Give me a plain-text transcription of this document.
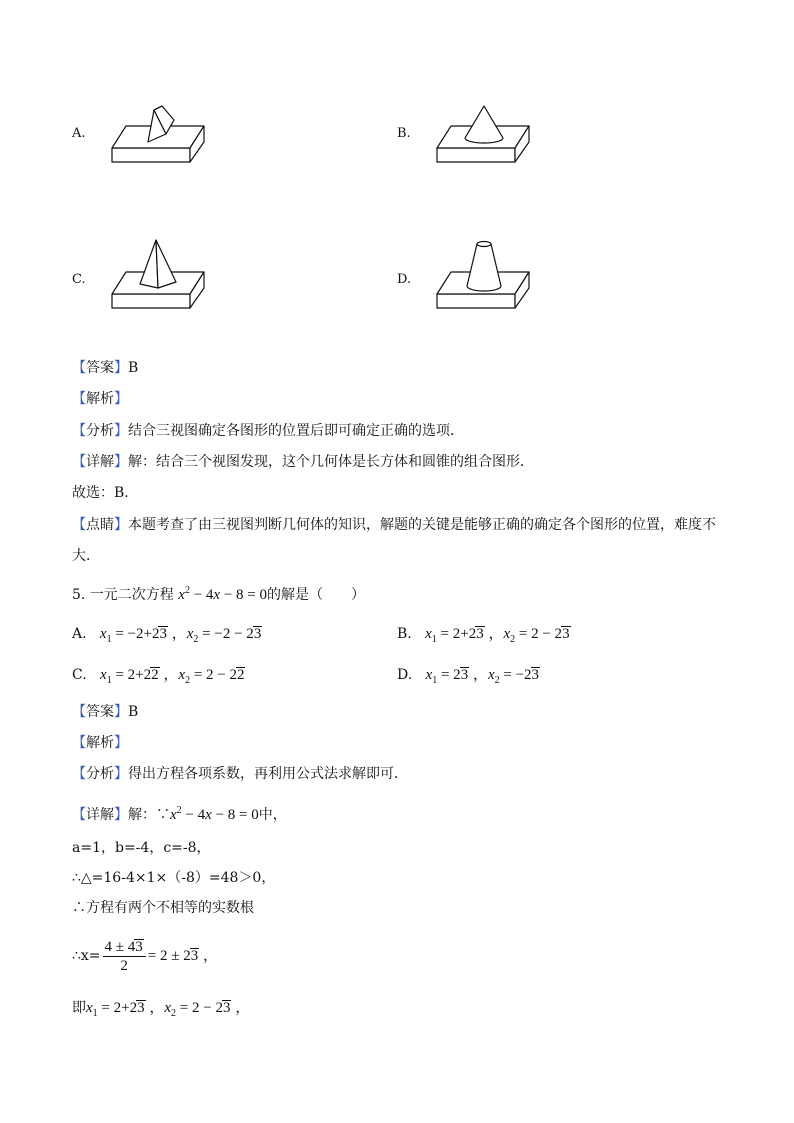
A.	B.
C.	D.
【答案】B
【解析】
【分析】结合三视图确定各图形的位置后即可确定正确的选项．
【详解】解：结合三个视图发现，这个几何体是长方体和圆锥的组合图形．
故选：B．
【点睛】本题考查了由三视图判断几何体的知识，解题的关键是能够正确的确定各个图形的位置，难度不
大．
5. 一元二次方程 $x^2 - 4x - 8 = 0$的解是（　　）
A. $x_1 = -2+23$ ，$x_2 = -2 - 23$	B. $x_1 = 2+23$ ，$x_2 = 2 - 23$
C. $x_1 = 2+22$ ，$x_2 = 2 - 22$	D. $x_1 = 23$ ，$x_2 = -23$
【答案】B
【解析】
【分析】得出方程各项系数，再利用公式法求解即可．
【详解】解：$\because x^2 - 4x - 8 = 0$中，
a=1，b=-4，c=-8，
∴△=16-4×1×（-8）=48＞0，
∴方程有两个不相等的实数根
∴x= $\frac{4 \pm 43}{2} = 2 \pm 23$ ，
即$x_1 = 2+23$ ，$x_2 = 2 - 23$ ，
